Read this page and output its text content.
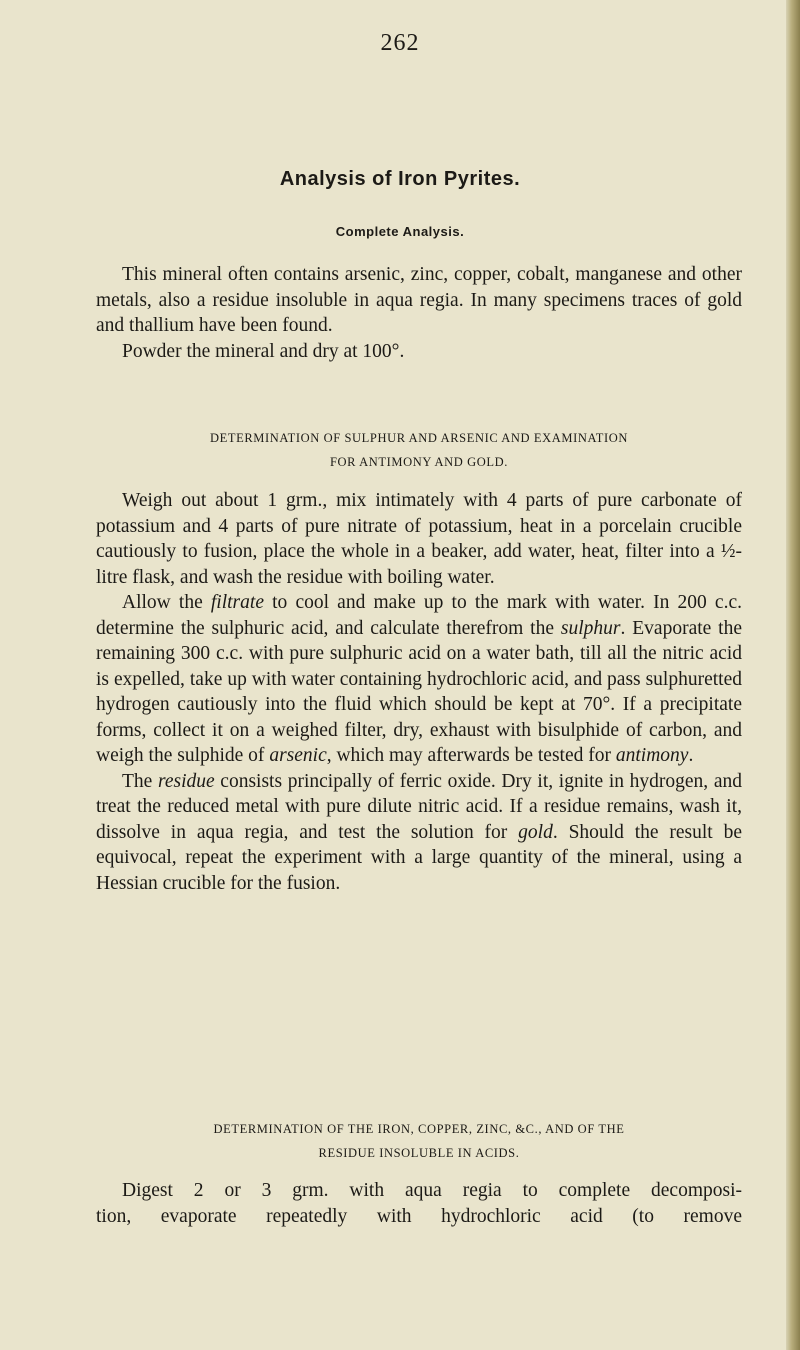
262
Analysis of Iron Pyrites.
Complete Analysis.

This mineral often contains arsenic, zinc, copper, cobalt, manganese and other metals, also a residue insoluble in aqua regia. In many specimens traces of gold and thallium have been found.

Powder the mineral and dry at 100°.

DETERMINATION OF SULPHUR AND ARSENIC AND EXAMINATION

FOR ANTIMONY AND GOLD.

Weigh out about 1 grm., mix intimately with 4 parts of pure carbonate of potassium and 4 parts of pure nitrate of potassium, heat in a porcelain crucible cautiously to fusion, place the whole in a beaker, add water, heat, filter into a ½-litre flask, and wash the residue with boiling water.

Allow the filtrate to cool and make up to the mark with water. In 200 c.c. determine the sulphuric acid, and calculate therefrom the sulphur. Evaporate the remaining 300 c.c. with pure sulphuric acid on a water bath, till all the nitric acid is expelled, take up with water containing hydrochloric acid, and pass sulphuretted hydrogen cautiously into the fluid which should be kept at 70°. If a precipitate forms, collect it on a weighed filter, dry, exhaust with bisulphide of carbon, and weigh the sulphide of arsenic, which may afterwards be tested for antimony.

The residue consists principally of ferric oxide. Dry it, ignite in hydrogen, and treat the reduced metal with pure dilute nitric acid. If a residue remains, wash it, dissolve in aqua regia, and test the solution for gold. Should the result be equivocal, repeat the experiment with a large quantity of the mineral, using a Hessian crucible for the fusion.

DETERMINATION OF THE IRON, COPPER, ZINC, &C., AND OF THE

RESIDUE INSOLUBLE IN ACIDS.

Digest 2 or 3 grm. with aqua regia to complete decomposi-

tion, evaporate repeatedly with hydrochloric acid (to remove
